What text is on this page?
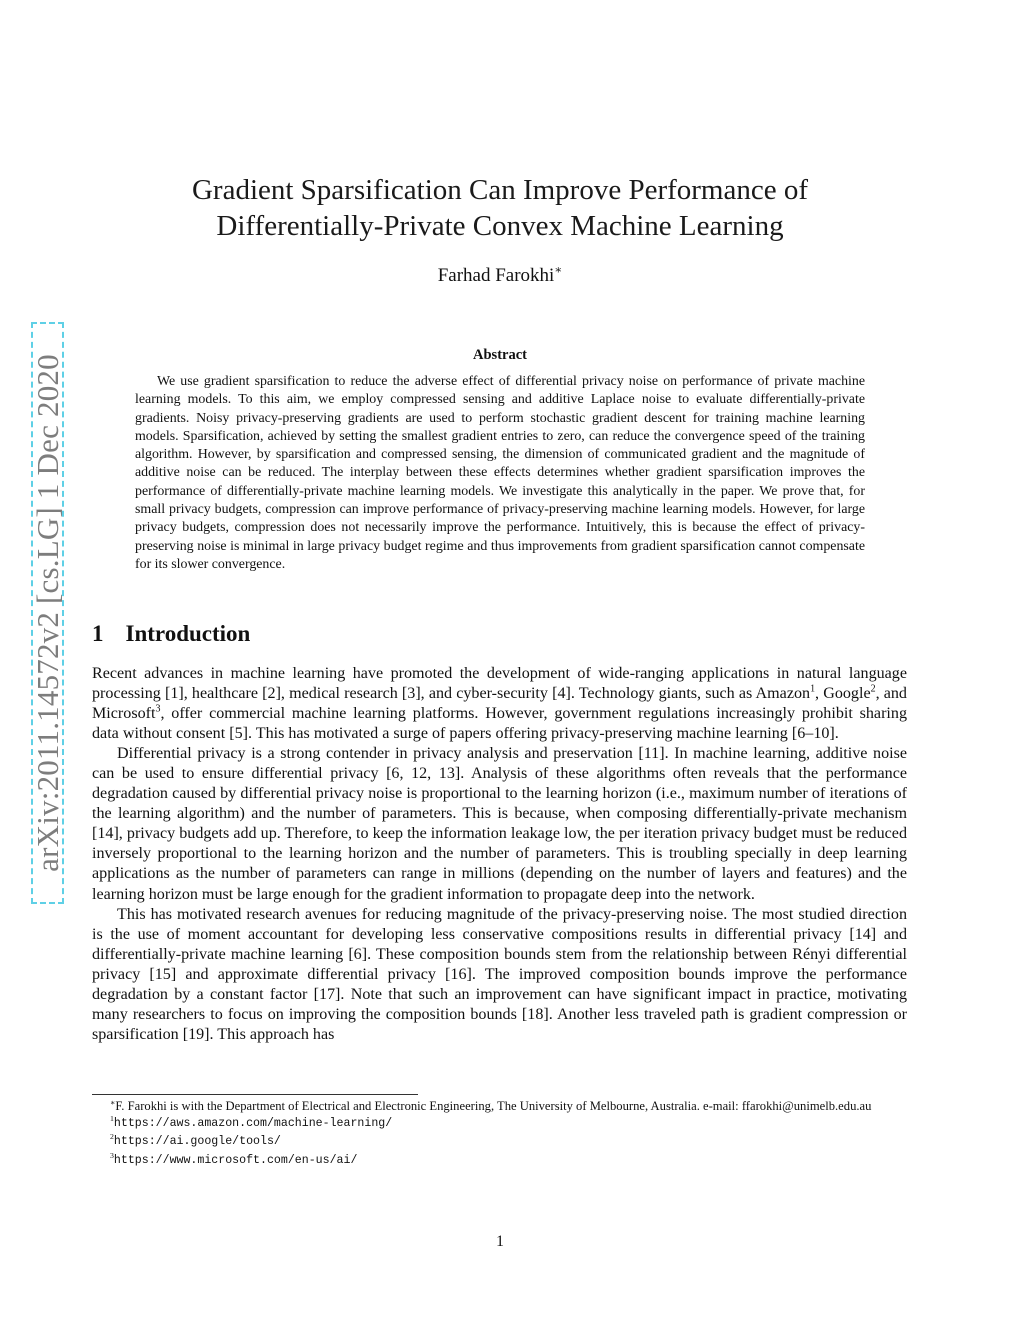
arXiv:2011.14572v2 [cs.LG] 1 Dec 2020
Gradient Sparsification Can Improve Performance of
Differentially-Private Convex Machine Learning
Farhad Farokhi∗
Abstract
We use gradient sparsification to reduce the adverse effect of differential privacy noise on performance of private machine learning models. To this aim, we employ compressed sensing and additive Laplace noise to evaluate differentially-private gradients. Noisy privacy-preserving gradients are used to perform stochastic gradient descent for training machine learning models. Sparsification, achieved by setting the smallest gradient entries to zero, can reduce the convergence speed of the training algorithm. However, by sparsification and compressed sensing, the dimension of communicated gradient and the magnitude of additive noise can be reduced. The interplay between these effects determines whether gradient sparsification improves the performance of differentially-private machine learning models. We investigate this analytically in the paper. We prove that, for small privacy budgets, compression can improve performance of privacy-preserving machine learning models. However, for large privacy budgets, compression does not necessarily improve the performance. Intuitively, this is because the effect of privacy-preserving noise is minimal in large privacy budget regime and thus improvements from gradient sparsification cannot compensate for its slower convergence.
1 Introduction

Recent advances in machine learning have promoted the development of wide-ranging applications in natural language processing [1], healthcare [2], medical research [3], and cyber-security [4]. Technology giants, such as Amazon$^1$, Google$^2$, and Microsoft$^3$, offer commercial machine learning platforms. However, government regulations increasingly prohibit sharing data without consent [5]. This has motivated a surge of papers offering privacy-preserving machine learning [6–10].

Differential privacy is a strong contender in privacy analysis and preservation [11]. In machine learning, additive noise can be used to ensure differential privacy [6, 12, 13]. Analysis of these algorithms often reveals that the performance degradation caused by differential privacy noise is proportional to the learning horizon (i.e., maximum number of iterations of the learning algorithm) and the number of parameters. This is because, when composing differentially-private mechanism [14], privacy budgets add up. Therefore, to keep the information leakage low, the per iteration privacy budget must be reduced inversely proportional to the learning horizon and the number of parameters. This is troubling specially in deep learning applications as the number of parameters can range in millions (depending on the number of layers and features) and the learning horizon must be large enough for the gradient information to propagate deep into the network.

This has motivated research avenues for reducing magnitude of the privacy-preserving noise. The most studied direction is the use of moment accountant for developing less conservative compositions results in differential privacy [14] and differentially-private machine learning [6]. These composition bounds stem from the relationship between Rényi differential privacy [15] and approximate differential privacy [16]. The improved composition bounds improve the performance degradation by a constant factor [17]. Note that such an improvement can have significant impact in practice, motivating many researchers to focus on improving the composition bounds [18]. Another less traveled path is gradient compression or sparsification [19]. This approach has

∗F. Farokhi is with the Department of Electrical and Electronic Engineering, The University of Melbourne, Australia. e-mail: ffarokhi@unimelb.edu.au
$^1$https://aws.amazon.com/machine-learning/
$^2$https://ai.google/tools/
$^3$https://www.microsoft.com/en-us/ai/
1
